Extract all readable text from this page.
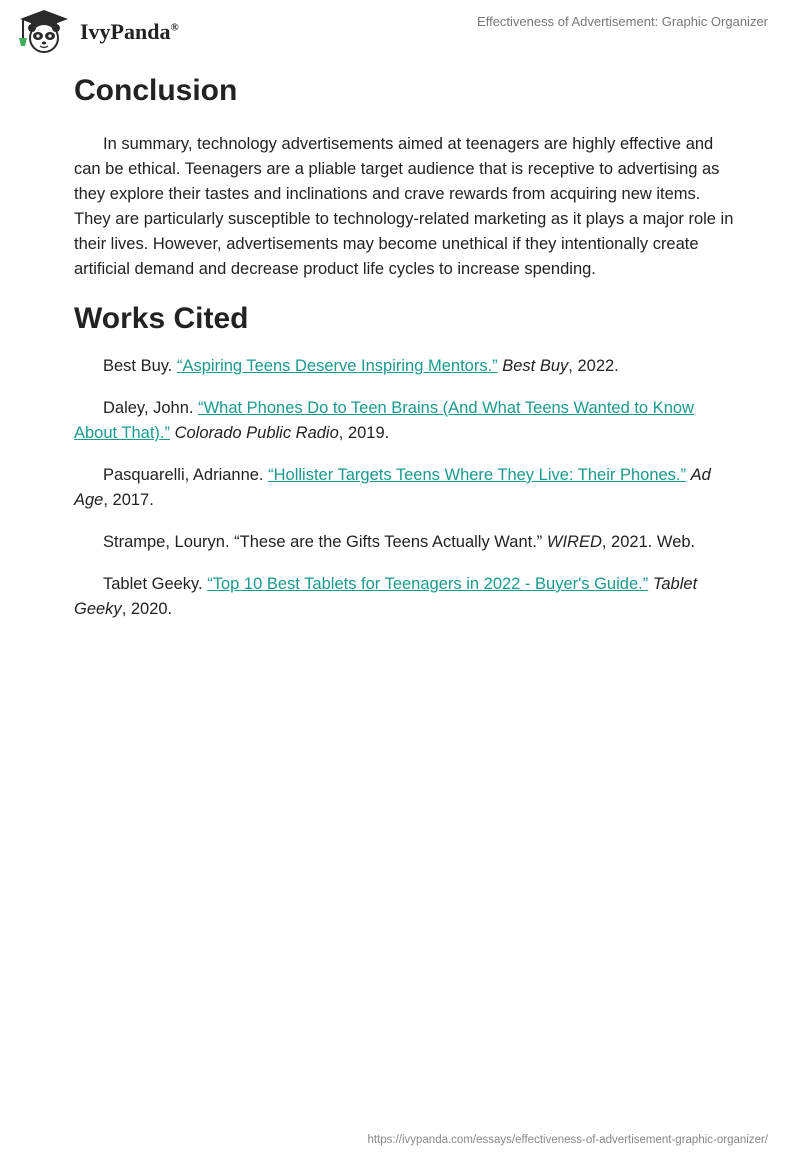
IvyPanda®	Effectiveness of Advertisement: Graphic Organizer
Conclusion

In summary, technology advertisements aimed at teenagers are highly effective and can be ethical. Teenagers are a pliable target audience that is receptive to advertising as they explore their tastes and inclinations and crave rewards from acquiring new items. They are particularly susceptible to technology-related marketing as it plays a major role in their lives. However, advertisements may become unethical if they intentionally create artificial demand and decrease product life cycles to increase spending.

Works Cited

Best Buy. “Aspiring Teens Deserve Inspiring Mentors.” Best Buy, 2022.

Daley, John. “What Phones Do to Teen Brains (And What Teens Wanted to Know About That).” Colorado Public Radio, 2019.

Pasquarelli, Adrianne. “Hollister Targets Teens Where They Live: Their Phones.” Ad Age, 2017.

Strampe, Louryn. “These are the Gifts Teens Actually Want.” WIRED, 2021. Web.

Tablet Geeky. “Top 10 Best Tablets for Teenagers in 2022 - Buyer's Guide.” Tablet Geeky, 2020.

https://ivypanda.com/essays/effectiveness-of-advertisement-graphic-organizer/
